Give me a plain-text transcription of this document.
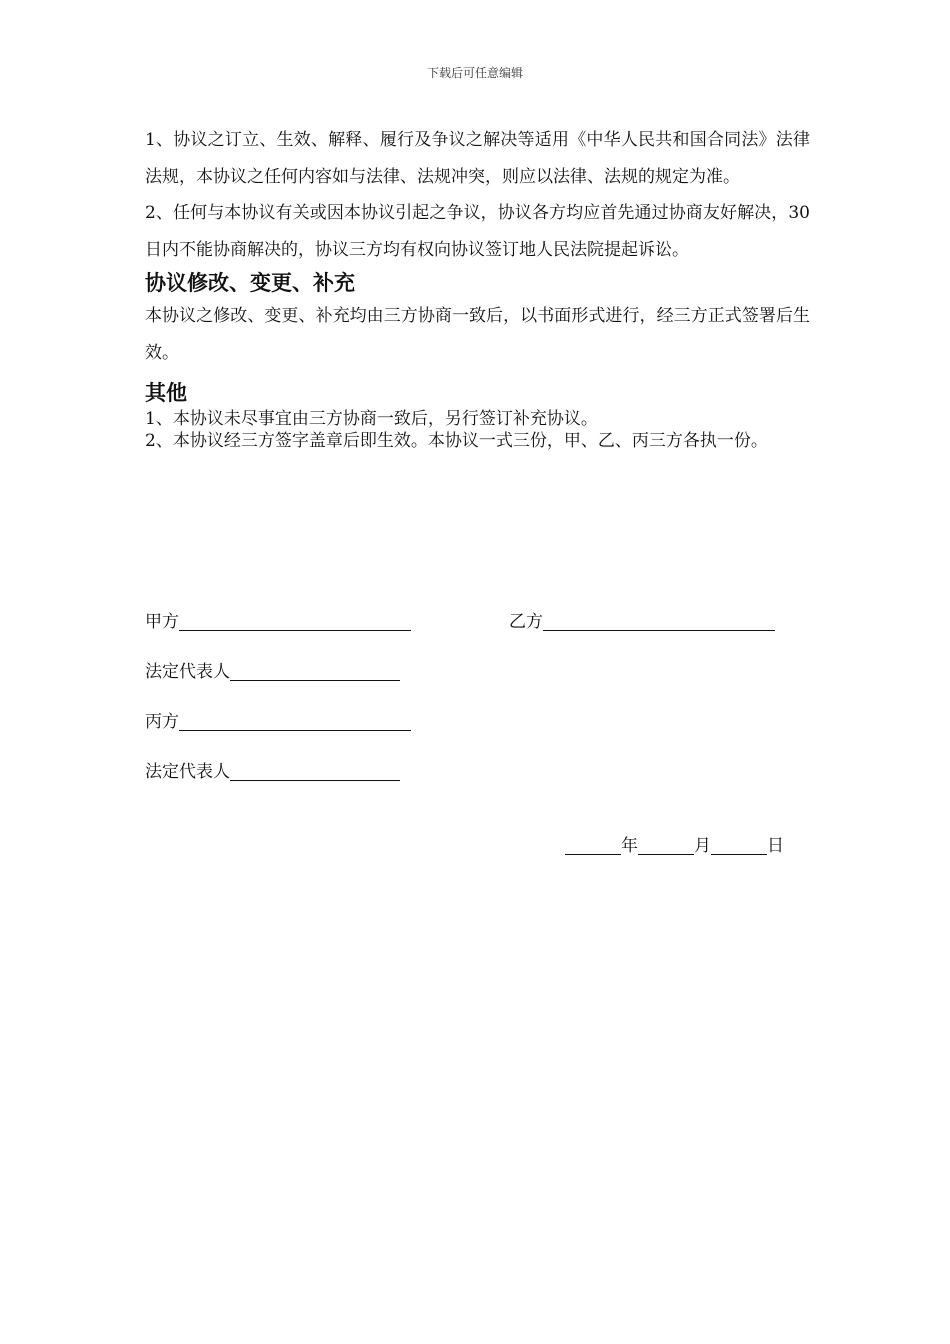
下载后可任意编辑

1、协议之订立、生效、解释、履行及争议之解决等适用《中华人民共和国合同法》法律法规，本协议之任何内容如与法律、法规冲突，则应以法律、法规的规定为准。

2、任何与本协议有关或因本协议引起之争议，协议各方均应首先通过协商友好解决，30日内不能协商解决的，协议三方均有权向协议签订地人民法院提起诉讼。

协议修改、变更、补充

本协议之修改、变更、补充均由三方协商一致后，以书面形式进行，经三方正式签署后生效。

其他

1、本协议未尽事宜由三方协商一致后，另行签订补充协议。

2、本协议经三方签字盖章后即生效。本协议一式三份，甲、乙、丙三方各执一份。

甲方	乙方
法定代表人
丙方
法定代表人
年	月	日
